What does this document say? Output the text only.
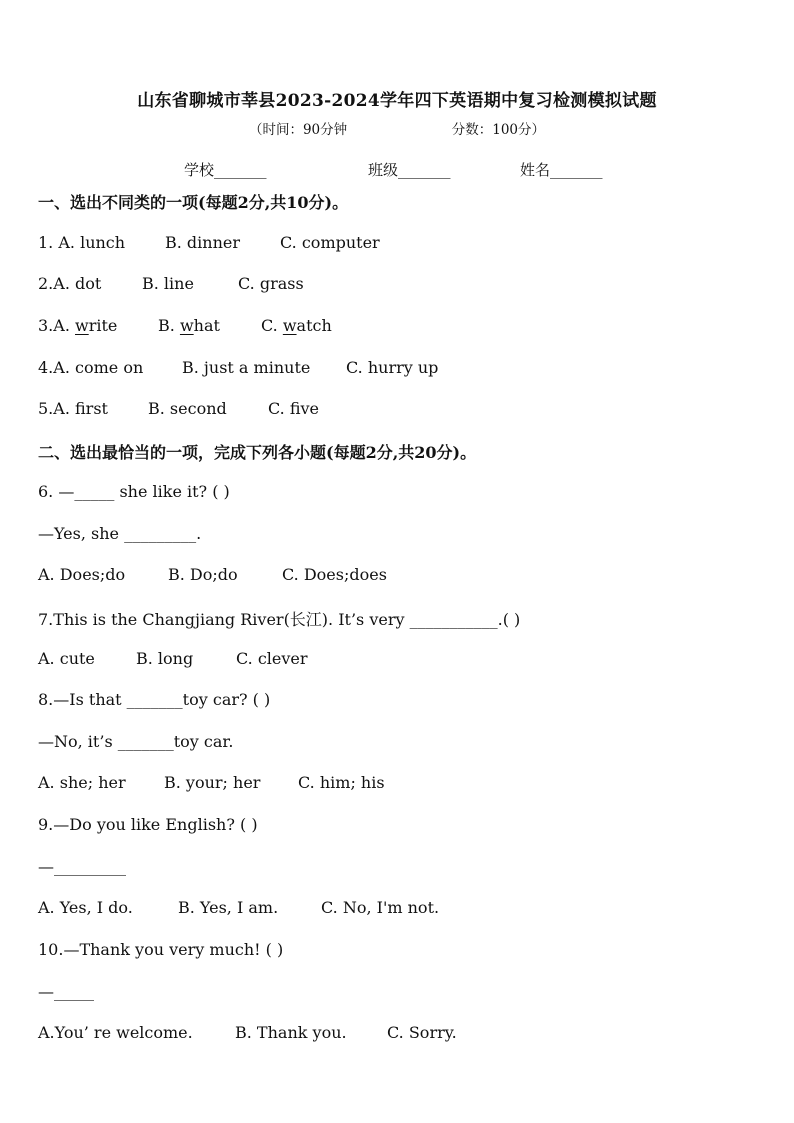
山东省聊城市莘县2023-2024学年四下英语期中复习检测模拟试题
（时间：90分钟	分数：100分）
学校_______	班级_______	姓名_______
一、选出不同类的一项(每题2分,共10分)。
1. A. lunch B. dinner C. computer
2.A. dot	B. line	C. grass
3.A. write	B. what	C. watch
4.A. come on B. just a minute C. hurry up
5.A. first	B. second	C. five
二、选出最恰当的一项，完成下列各小题(每题2分,共20分)。
6. —_____ she like it? ( )
—Yes, she _________.
A. Does;do	B. Do;do	C. Does;does
7.This is the Changjiang River(长江). It’s very ___________.( )
A. cute	B. long	C. clever
8.—Is that _______toy car? ( )
—No, it’s _______toy car.
A. she; her B. your; her C. him; his
9.—Do you like English? ( )
—_________
A. Yes, I do.	B. Yes, I am.	C. No, I'm not.
10.—Thank you very much! ( )
—_____
A.You’ re welcome.	B. Thank you.	C. Sorry.
